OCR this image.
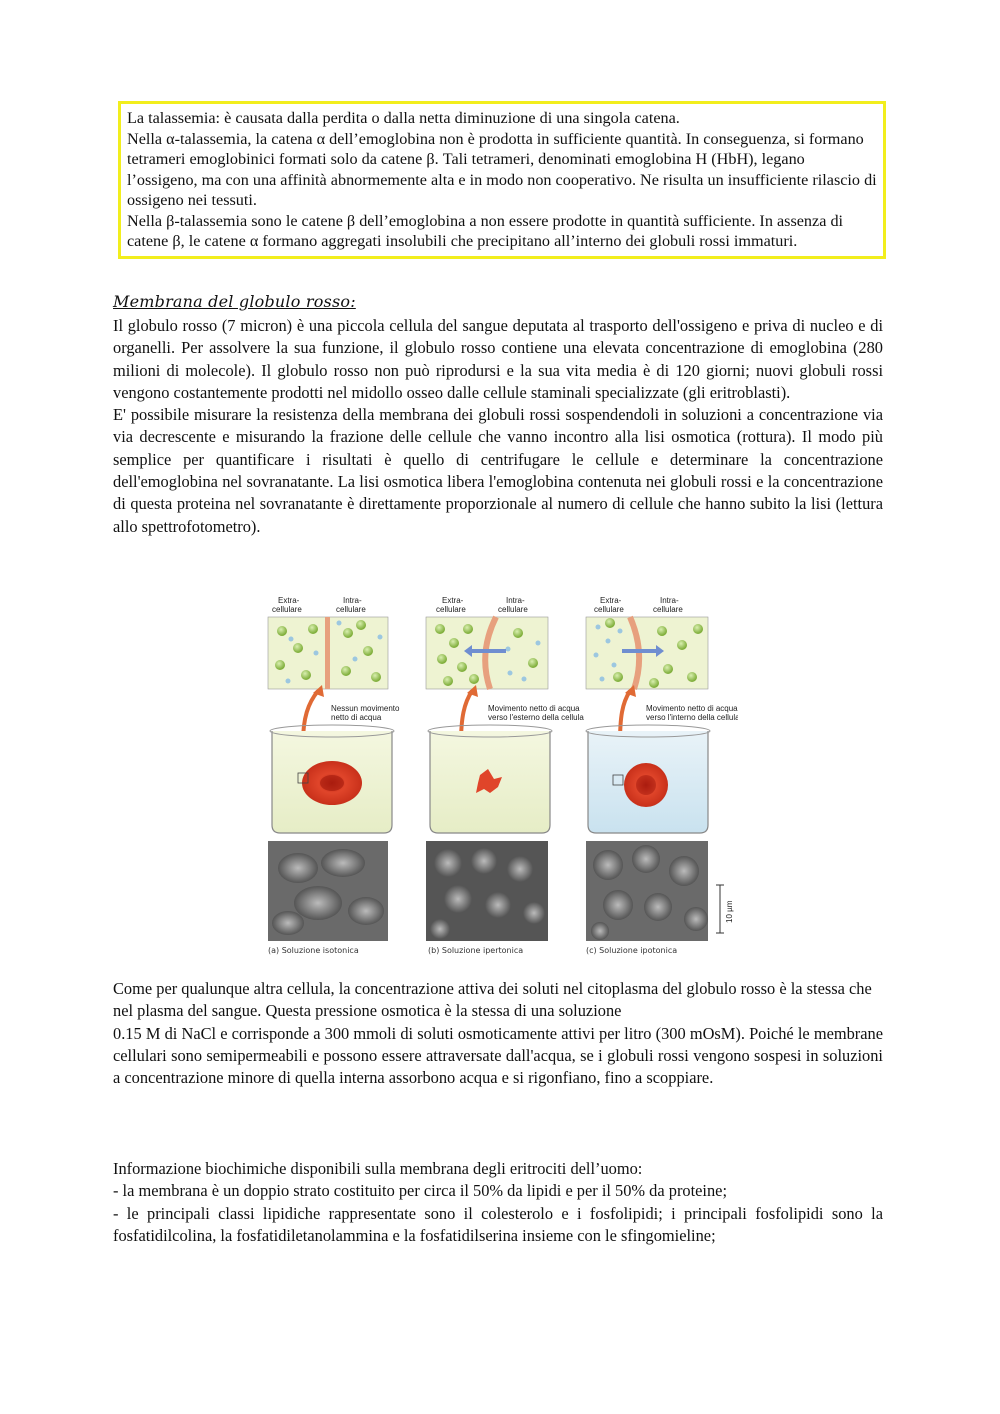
La talassemia: è causata dalla perdita o dalla netta diminuzione di una singola catena.

Nella α-talassemia, la catena α dell’emoglobina non è prodotta in sufficiente quantità. In conseguenza, si formano tetrameri emoglobinici formati solo da catene β. Tali tetrameri, denominati emoglobina H (HbH), legano l’ossigeno, ma con una affinità abnormemente alta e in modo non cooperativo. Ne risulta un insufficiente rilascio di ossigeno nei tessuti.

Nella β-talassemia sono le catene β dell’emoglobina a non essere prodotte in quantità sufficiente. In assenza di catene β, le catene α formano aggregati insolubili che precipitano all’interno dei globuli rossi immaturi.

Membrana del globulo rosso:

Il globulo rosso (7 micron) è una piccola cellula del sangue deputata al trasporto dell'ossigeno e priva di nucleo e di organelli. Per assolvere la sua funzione, il globulo rosso contiene una elevata concentrazione di emoglobina (280 milioni di molecole). Il globulo rosso non può riprodursi e la sua vita media è di 120 giorni; nuovi globuli rossi vengono costantemente prodotti nel midollo osseo dalle cellule staminali specializzate (gli eritroblasti).

E' possibile misurare la resistenza della membrana dei globuli rossi sospendendoli in soluzioni a concentrazione via via decrescente e misurando la frazione delle cellule che vanno incontro alla lisi osmotica (rottura). Il modo più semplice per quantificare i risultati è quello di centrifugare le cellule e determinare la concentrazione dell'emoglobina nel sovranatante. La lisi osmotica libera l'emoglobina contenuta nei globuli rossi e la concentrazione di questa proteina nel sovranatante è direttamente proporzionale al numero di cellule che hanno subito la lisi (lettura allo spettrofotometro).

Extra-
cellulare
Intra-
cellulare
Nessun movimento
netto di acqua
(a) Soluzione isotonica
Extra-
cellulare
Intra-
cellulare
Movimento netto di acqua
verso l'esterno della cellula
(b) Soluzione ipertonica
Extra-
cellulare
Intra-
cellulare
Movimento netto di acqua
verso l'interno della cellula
(c) Soluzione ipotonica
10 µm

Come per qualunque altra cellula, la concentrazione attiva dei soluti nel citoplasma del globulo rosso è la stessa che nel plasma del sangue. Questa pressione osmotica è la stessa di una soluzione

0.15 M di NaCl e corrisponde a 300 mmoli di soluti osmoticamente attivi per litro (300 mOsM). Poiché le membrane cellulari sono semipermeabili e possono essere attraversate dall'acqua, se i globuli rossi vengono sospesi in soluzioni a concentrazione minore di quella interna assorbono acqua e si rigonfiano, fino a scoppiare.

Informazione biochimiche disponibili sulla membrana degli eritrociti dell’uomo:

- la membrana è un doppio strato costituito per circa il 50% da lipidi e per il 50% da proteine;

- le principali classi lipidiche rappresentate sono il colesterolo e i fosfolipidi; i principali fosfolipidi sono la fosfatidilcolina, la fosfatidiletanolammina e la fosfatidilserina insieme con le sfingomieline;
